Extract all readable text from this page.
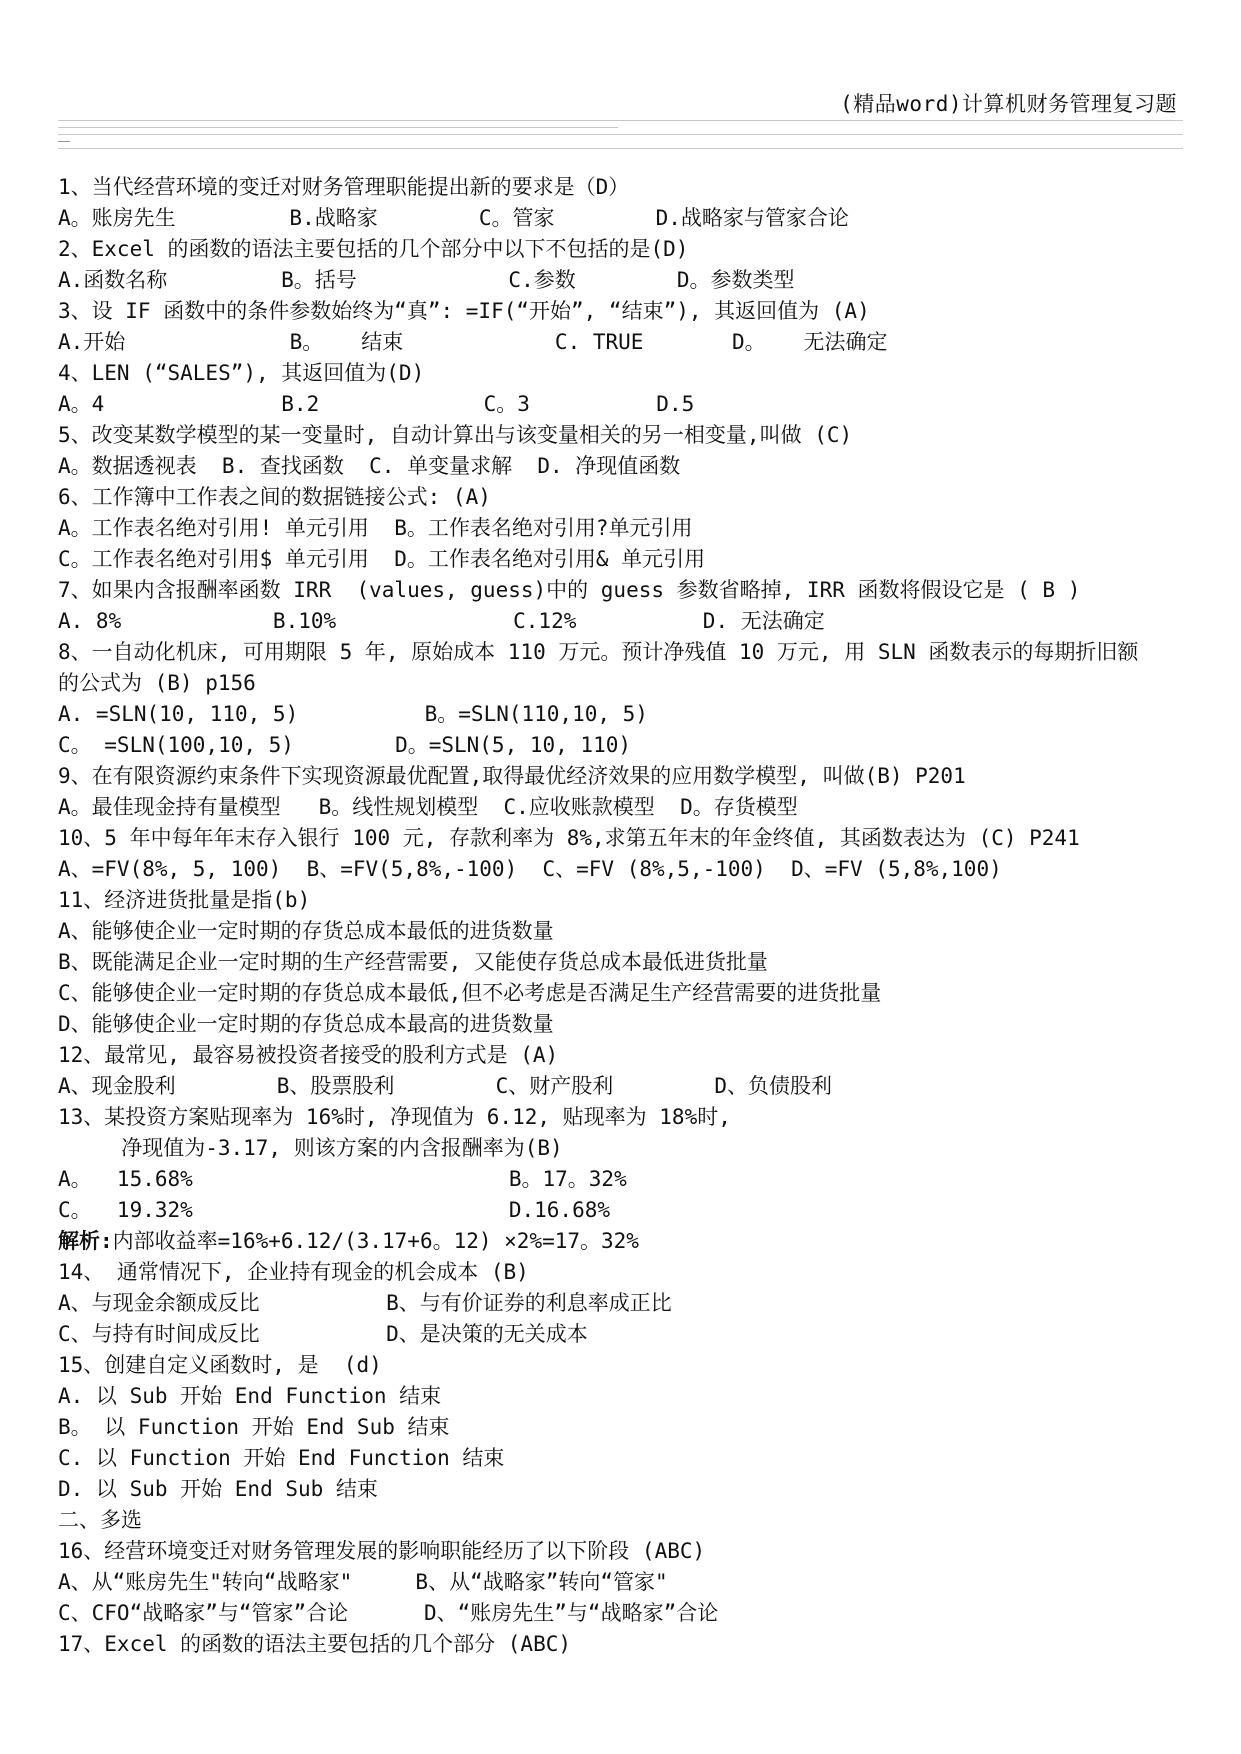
(精品word)计算机财务管理复习题
1、当代经营环境的变迁对财务管理职能提出新的要求是（D）
A。账房先生         B.战略家        C。管家        D.战略家与管家合论
2、Excel 的函数的语法主要包括的几个部分中以下不包括的是(D)
A.函数名称         B。括号            C.参数        D。参数类型
3、设 IF 函数中的条件参数始终为“真”: =IF(“开始”, “结束”), 其返回值为 (A)
A.开始             B。   结束            C. TRUE       D。   无法确定
4、LEN (“SALES”), 其返回值为(D)
A。4              B.2             C。3          D.5
5、改变某数学模型的某一变量时, 自动计算出与该变量相关的另一相变量,叫做 (C)
A。数据透视表  B. 查找函数  C. 单变量求解  D. 净现值函数
6、工作簿中工作表之间的数据链接公式: (A)
A。工作表名绝对引用! 单元引用  B。工作表名绝对引用?单元引用
C。工作表名绝对引用$ 单元引用  D。工作表名绝对引用& 单元引用
7、如果内含报酬率函数 IRR  (values, guess)中的 guess 参数省略掉, IRR 函数将假设它是 ( B )
A. 8%            B.10%              C.12%          D. 无法确定
8、一自动化机床, 可用期限 5 年, 原始成本 110 万元。预计净残值 10 万元, 用 SLN 函数表示的每期折旧额
的公式为 (B) p156
A. =SLN(10, 110, 5)          B。=SLN(110,10, 5)
C。 =SLN(100,10, 5)        D。=SLN(5, 10, 110)
9、在有限资源约束条件下实现资源最优配置,取得最优经济效果的应用数学模型, 叫做(B) P201
A。最佳现金持有量模型   B。线性规划模型  C.应收账款模型  D。存货模型
10、5 年中每年年末存入银行 100 元, 存款利率为 8%,求第五年末的年金终值, 其函数表达为 (C) P241
A、=FV(8%, 5, 100)  B、=FV(5,8%,-100)  C、=FV (8%,5,-100)  D、=FV (5,8%,100)
11、经济进货批量是指(b)
A、能够使企业一定时期的存货总成本最低的进货数量
B、既能满足企业一定时期的生产经营需要, 又能使存货总成本最低进货批量
C、能够使企业一定时期的存货总成本最低,但不必考虑是否满足生产经营需要的进货批量
D、能够使企业一定时期的存货总成本最高的进货数量
12、最常见, 最容易被投资者接受的股利方式是 (A)
A、现金股利        B、股票股利        C、财产股利        D、负债股利
13、某投资方案贴现率为 16%时, 净现值为 6.12, 贴现率为 18%时,
净现值为-3.17, 则该方案的内含报酬率为(B)
A。  15.68%                         B。17。32%
C。  19.32%                         D.16.68%
解析:内部收益率=16%+6.12/(3.17+6。12) ×2%=17。32%
14、 通常情况下, 企业持有现金的机会成本 (B)
A、与现金余额成反比          B、与有价证券的利息率成正比
C、与持有时间成反比          D、是决策的无关成本
15、创建自定义函数时, 是  (d)
A. 以 Sub 开始 End Function 结束
B。 以 Function 开始 End Sub 结束
C. 以 Function 开始 End Function 结束
D. 以 Sub 开始 End Sub 结束
二、多选
16、经营环境变迁对财务管理发展的影响职能经历了以下阶段 (ABC)
A、从“账房先生"转向“战略家"     B、从“战略家”转向“管家"
C、CFO“战略家”与“管家”合论      D、“账房先生”与“战略家”合论
17、Excel 的函数的语法主要包括的几个部分 (ABC)
